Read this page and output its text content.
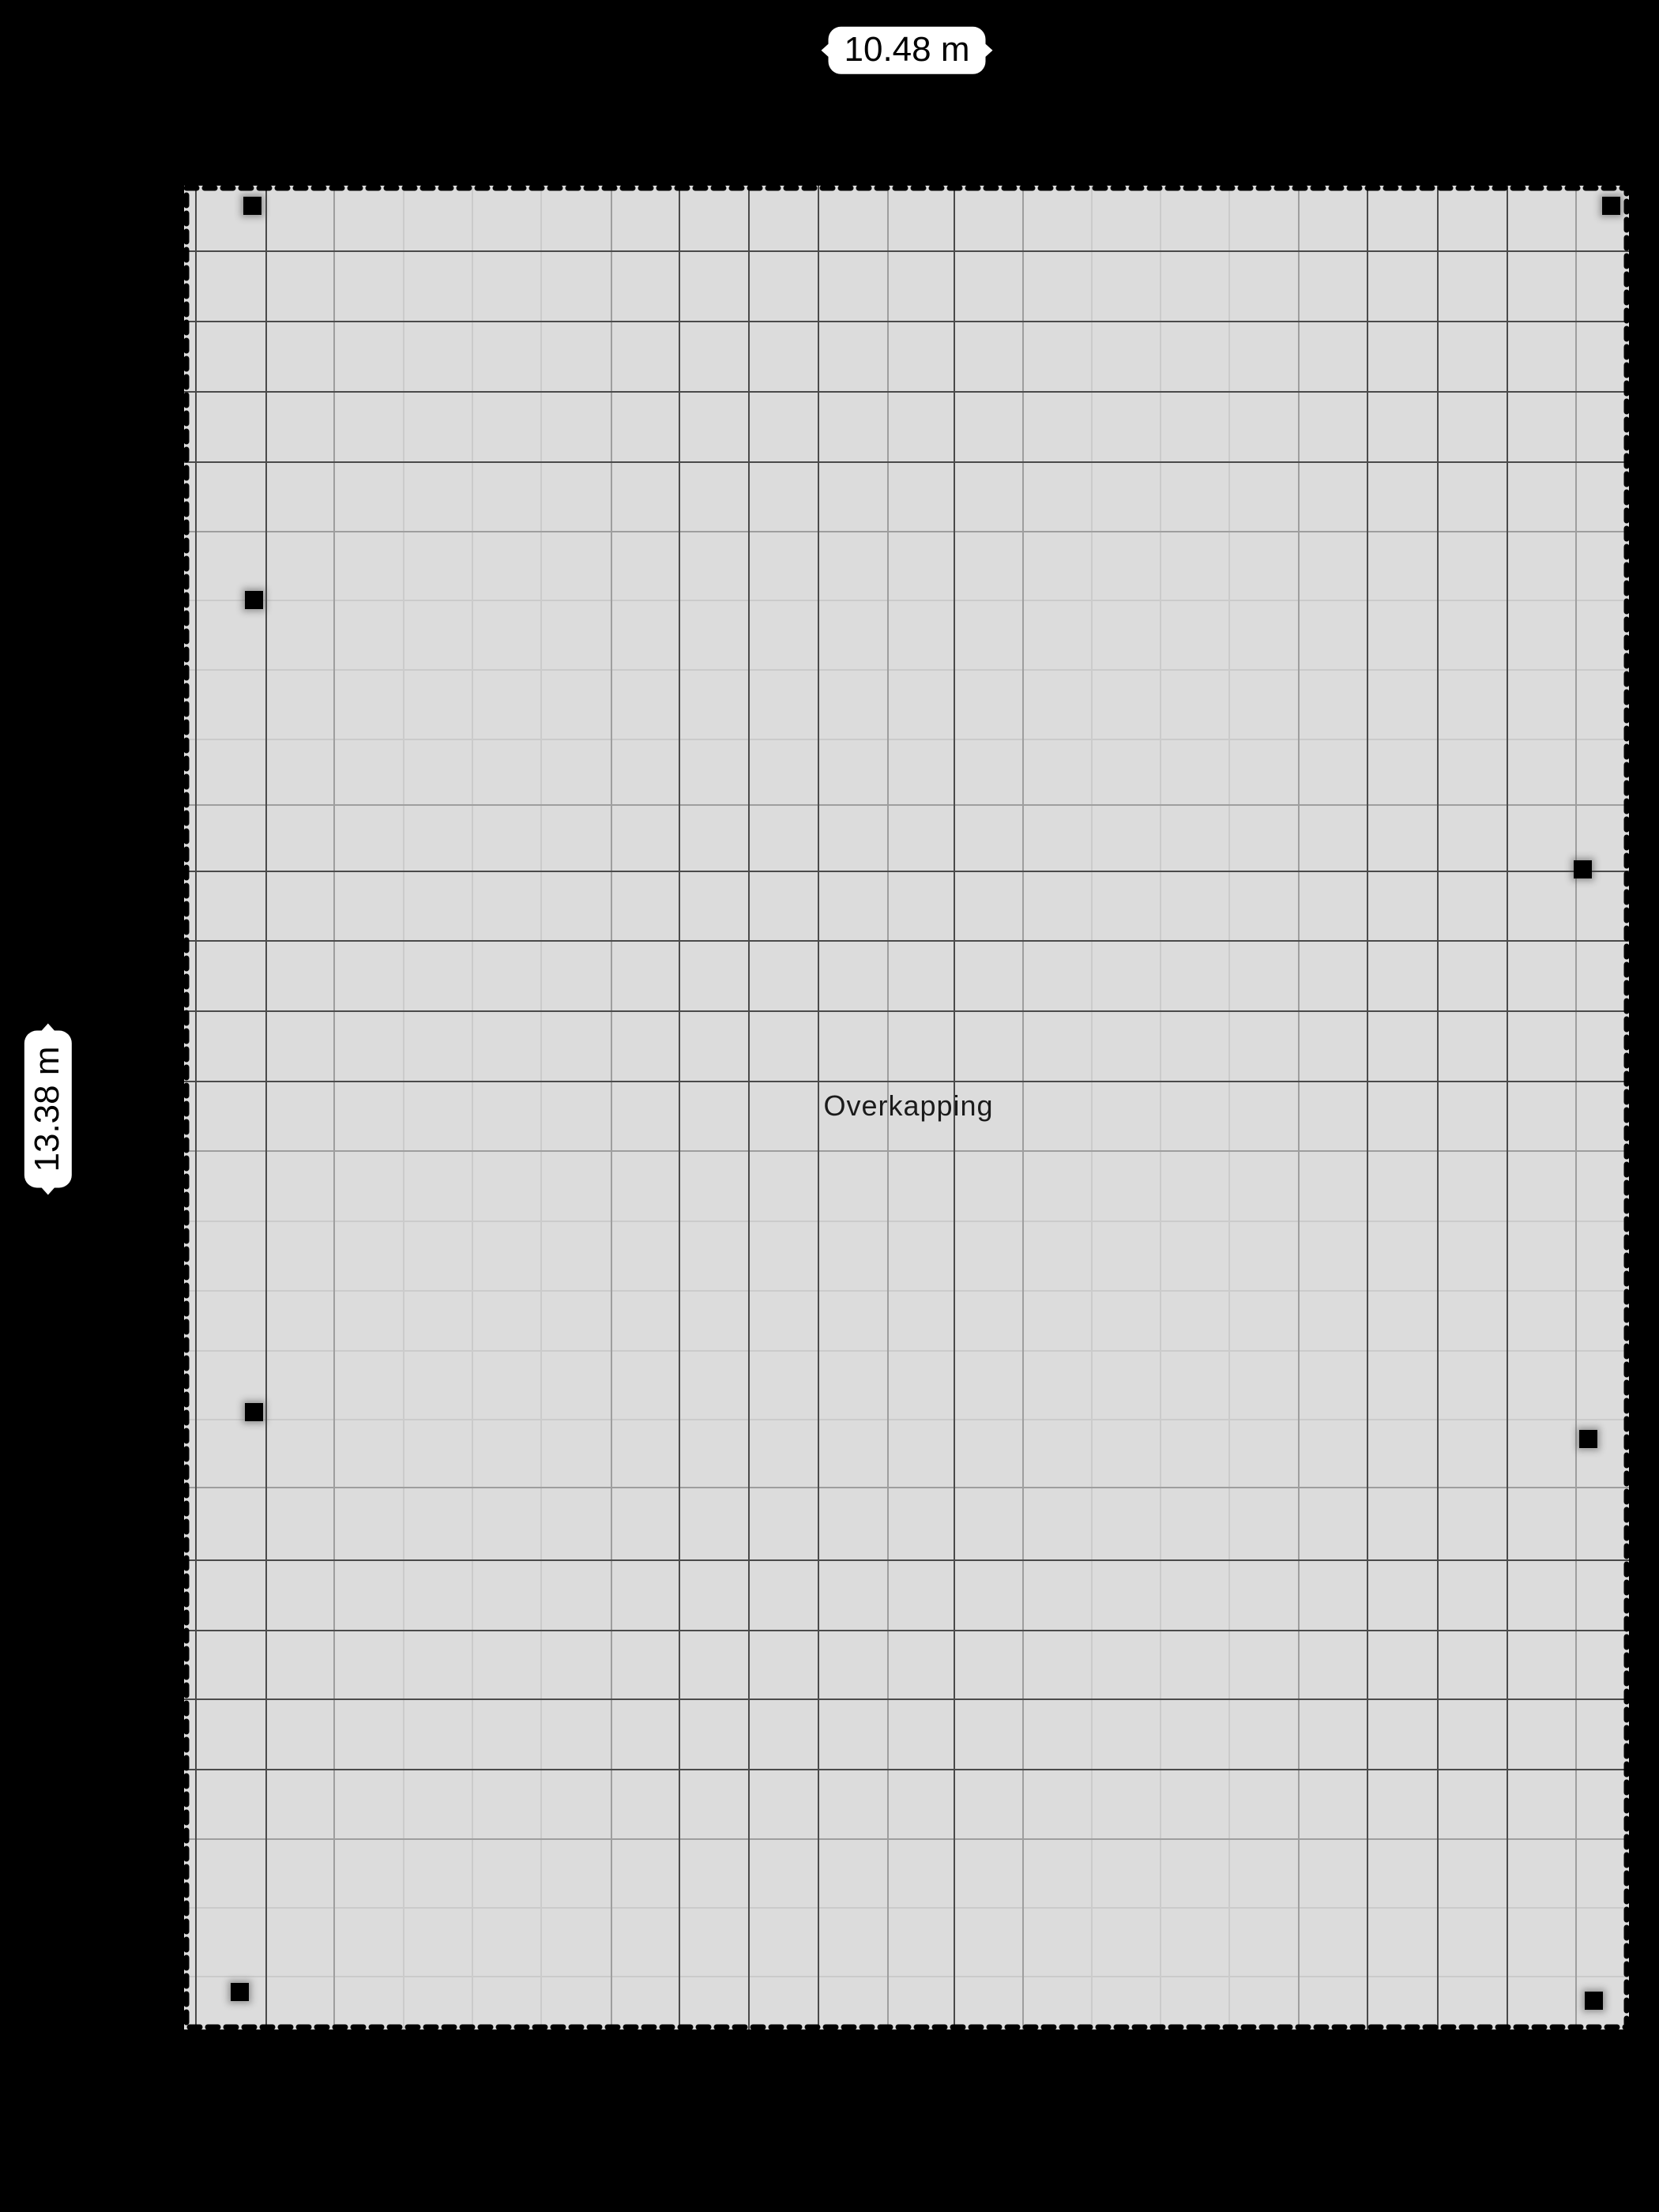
Overkapping
10.48 m
13.38 m
